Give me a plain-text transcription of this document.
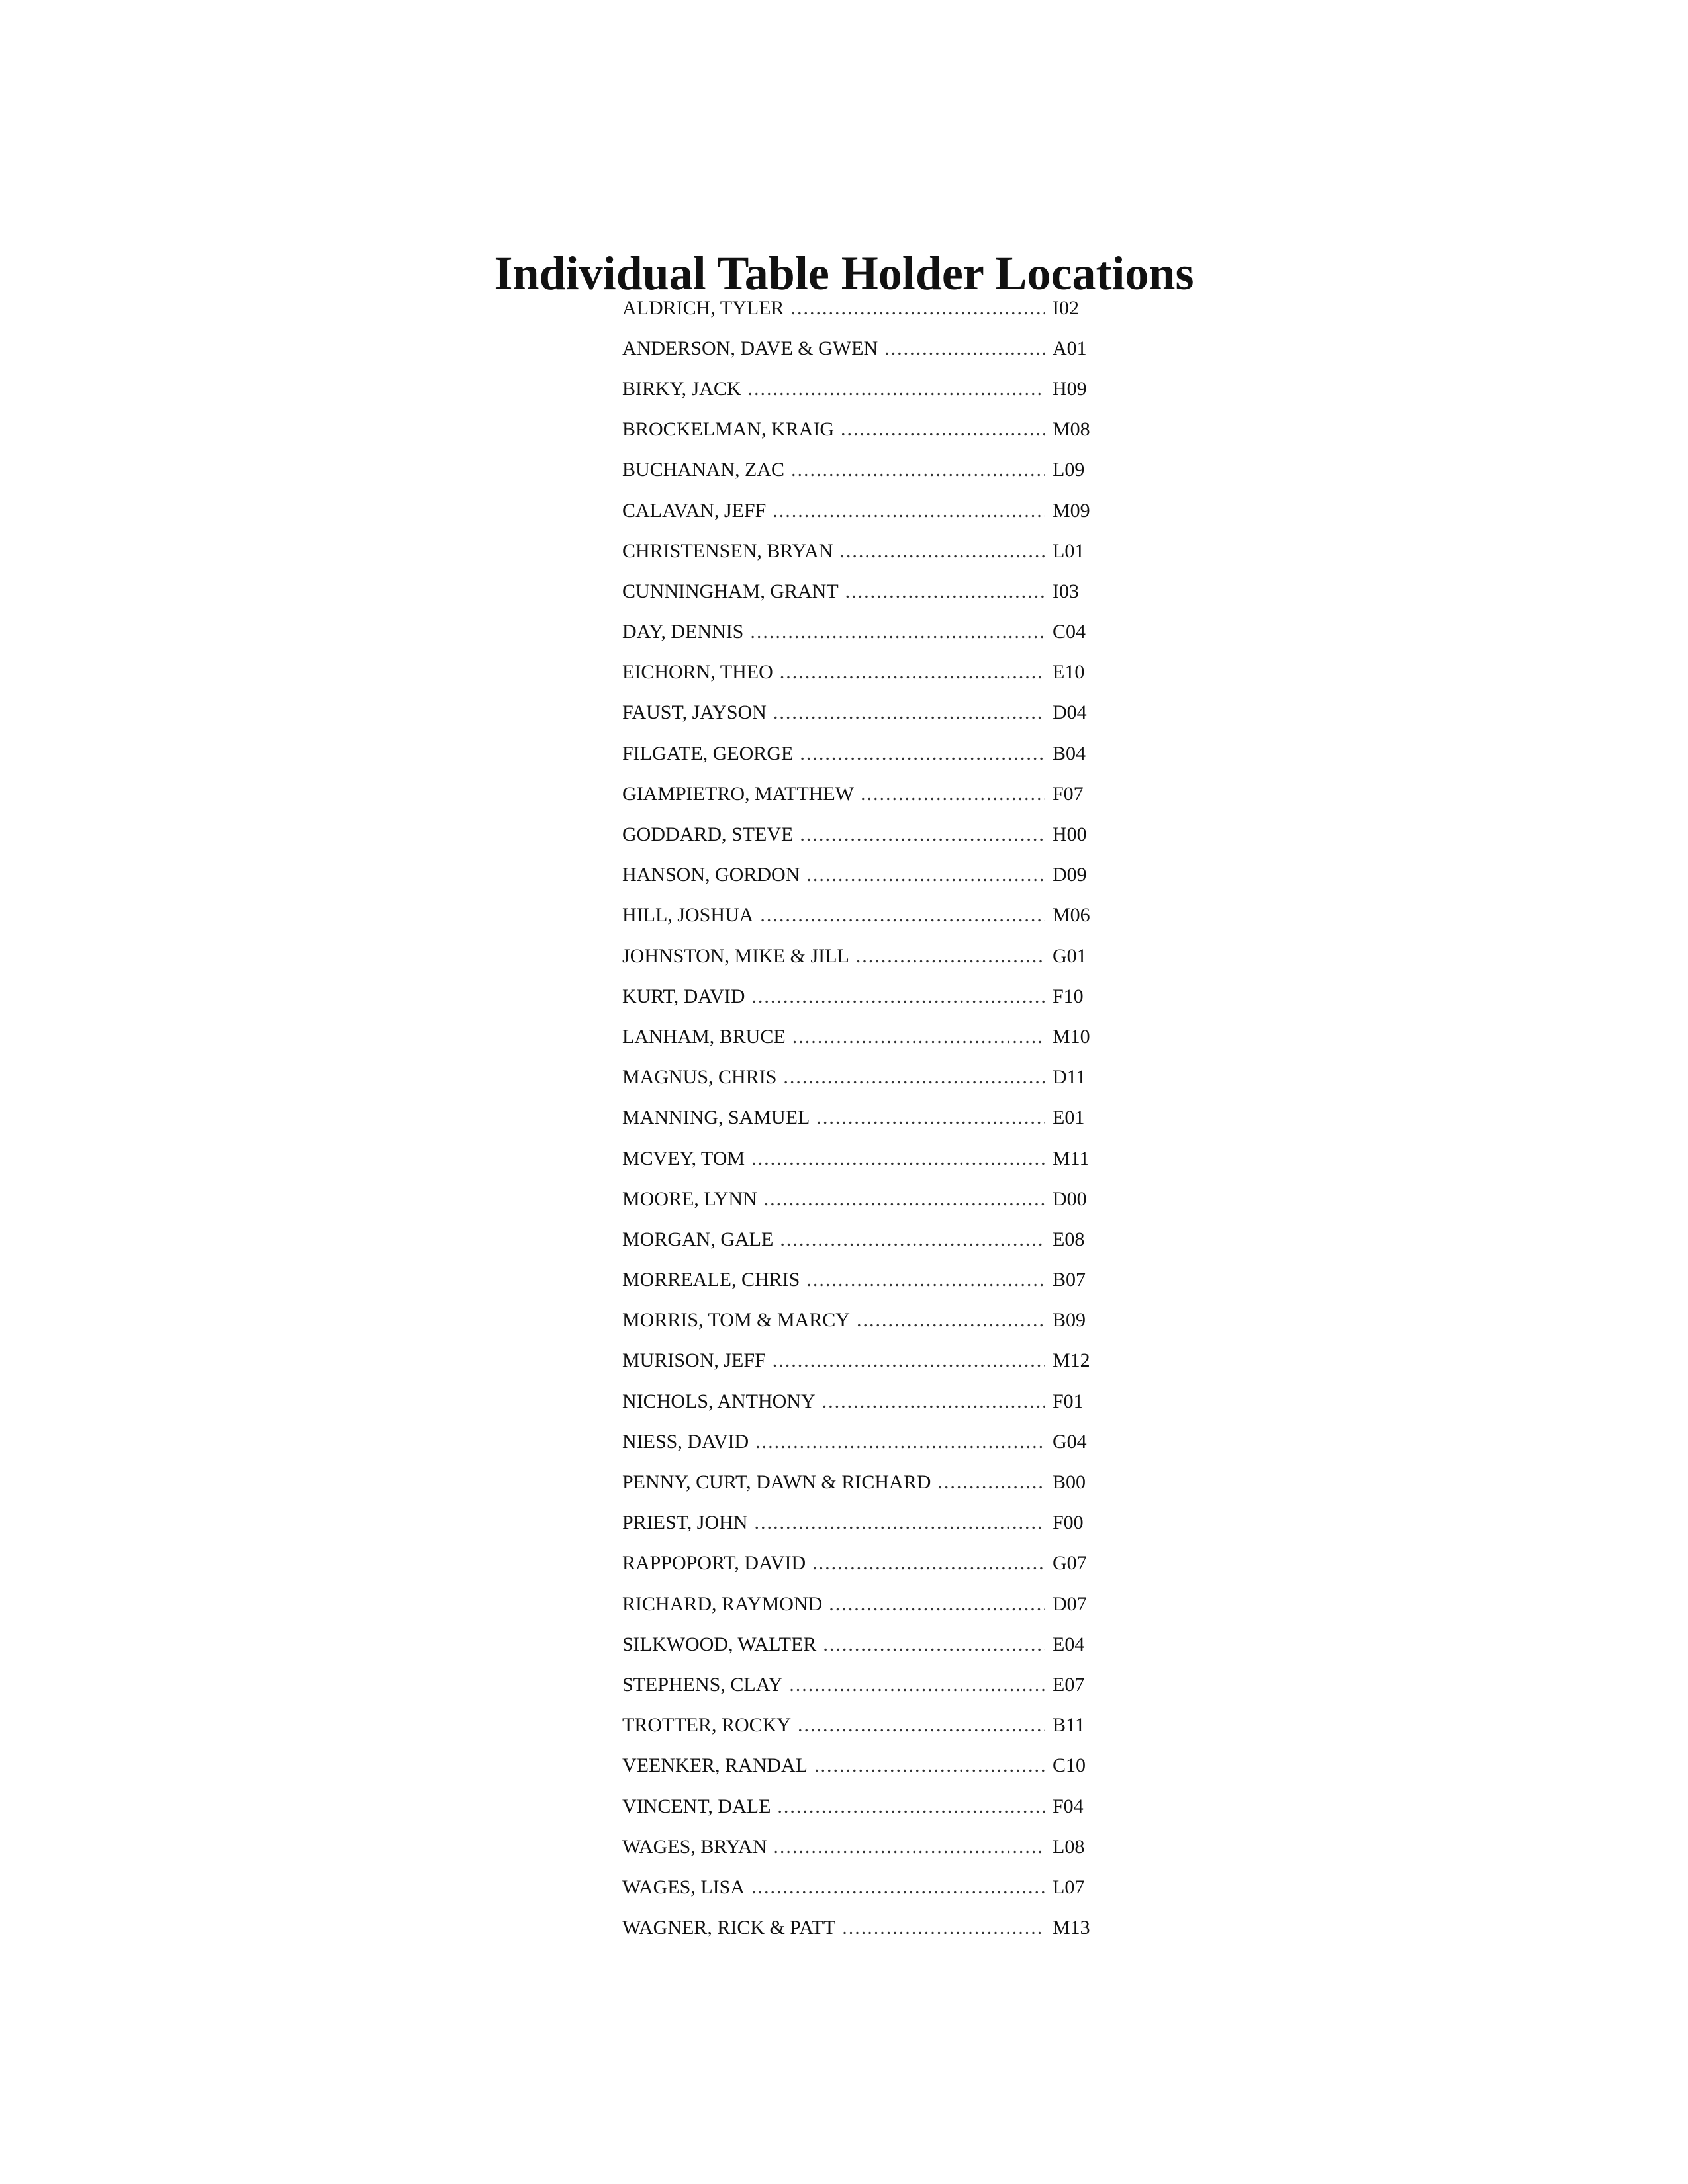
Individual Table Holder Locations
ALDRICH, TYLER .....	I02
ANDERSON, DAVE & GWEN .....	A01
BIRKY, JACK .....	H09
BROCKELMAN, KRAIG .....	M08
BUCHANAN, ZAC .....	L09
CALAVAN, JEFF .....	M09
CHRISTENSEN, BRYAN .....	L01
CUNNINGHAM, GRANT .....	I03
DAY, DENNIS .....	C04
EICHORN, THEO .....	E10
FAUST, JAYSON .....	D04
FILGATE, GEORGE .....	B04
GIAMPIETRO, MATTHEW .....	F07
GODDARD, STEVE .....	H00
HANSON, GORDON .....	D09
HILL, JOSHUA .....	M06
JOHNSTON, MIKE & JILL .....	G01
KURT, DAVID .....	F10
LANHAM, BRUCE .....	M10
MAGNUS, CHRIS .....	D11
MANNING, SAMUEL .....	E01
MCVEY, TOM .....	M11
MOORE, LYNN .....	D00
MORGAN, GALE .....	E08
MORREALE, CHRIS .....	B07
MORRIS, TOM & MARCY .....	B09
MURISON, JEFF .....	M12
NICHOLS, ANTHONY .....	F01
NIESS, DAVID .....	G04
PENNY, CURT, DAWN & RICHARD .....	B00
PRIEST, JOHN .....	F00
RAPPOPORT, DAVID .....	G07
RICHARD, RAYMOND .....	D07
SILKWOOD, WALTER .....	E04
STEPHENS, CLAY .....	E07
TROTTER, ROCKY .....	B11
VEENKER, RANDAL .....	C10
VINCENT, DALE .....	F04
WAGES, BRYAN .....	L08
WAGES, LISA .....	L07
WAGNER, RICK & PATT .....	M13
